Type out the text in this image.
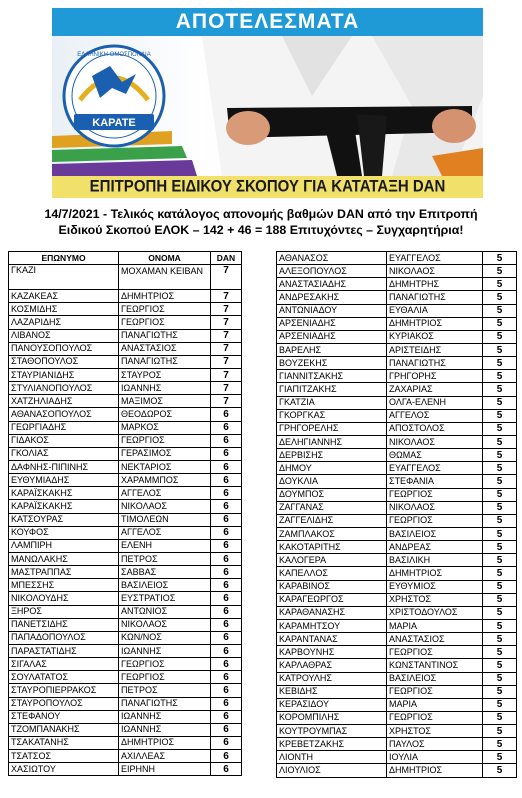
ΑΠΟΤΕΛΕΣΜΑΤΑ
ΚΑΡΑΤΕ
ΕΛΛΗΝΙΚΗ ΟΜΟΣΠΟΝΔΙΑ
ΕΠΙΤΡΟΠΗ ΕΙΔΙΚΟΥ ΣΚΟΠΟΥ ΓΙΑ ΚΑΤΑΤΑΞΗ DAN
14/7/2021 - Τελικός κατάλογος απονομής βαθμών DAN από την Επιτροπή
Ειδικού Σκοπού ΕΛΟΚ – 142 + 46 = 188 Επιτυχόντες – Συγχαρητήρια!
ΕΠΩΝΥΜΟ	ΟΝΟΜΑ	DAN
ΓΚΑΖΙ	ΜΟΧΑΜΑΝ ΚΕΙΒΑΝ	7
ΚΑΖΑΚΕΑΣ	ΔΗΜΗΤΡΙΟΣ	7
ΚΟΣΜΙΔΗΣ	ΓΕΩΡΓΙΟΣ	7
ΛΑΖΑΡΙΔΗΣ	ΓΕΩΡΓΙΟΣ	7
ΛΙΒΑΝΟΣ	ΠΑΝΑΓΙΩΤΗΣ	7
ΠΑΝΟΥΣΟΠΟΥΛΟΣ	ΑΝΑΣΤΑΣΙΟΣ	7
ΣΤΑΘΟΠΟΥΛΟΣ	ΠΑΝΑΓΙΩΤΗΣ	7
ΣΤΑΥΡΙΑΝΙΔΗΣ	ΣΤΑΥΡΟΣ	7
ΣΤΥΛΙΑΝΟΠΟΥΛΟΣ	ΙΩΑΝΝΗΣ	7
ΧΑΤΖΗΛΙΑΔΗΣ	ΜΑΞΙΜΟΣ	7
ΑΘΑΝΑΣΟΠΟΥΛΟΣ	ΘΕΟΔΩΡΟΣ	6
ΓΕΩΡΓΙΑΔΗΣ	ΜΑΡΚΟΣ	6
ΓΙΔΑΚΟΣ	ΓΕΩΡΓΙΟΣ	6
ΓΚΟΛΙΑΣ	ΓΕΡΑΣΙΜΟΣ	6
ΔΑΦΝΗΣ-ΠΙΠΙΝΗΣ	ΝΕΚΤΑΡΙΟΣ	6
ΕΥΘΥΜΙΑΔΗΣ	ΧΑΡΑΜΜΠΟΣ	6
ΚΑΡΑΪΣΚΑΚΗΣ	ΑΓΓΕΛΟΣ	6
ΚΑΡΑΪΣΚΑΚΗΣ	ΝΙΚΟΛΑΟΣ	6
ΚΑΤΣΟΥΡΑΣ	ΤΙΜΟΛΕΩΝ	6
ΚΟΥΦΟΣ	ΑΓΓΕΛΟΣ	6
ΛΑΜΠΙΡΗ	ΕΛΕΝΗ	6
ΜΑΝΩΛΑΚΗΣ	ΠΕΤΡΟΣ	6
ΜΑΣΤΡΑΠΠΑΣ	ΣΑΒΒΑΣ	6
ΜΠΕΣΣΗΣ	ΒΑΣΙΛΕΙΟΣ	6
ΝΙΚΟΛΟΥΔΗΣ	ΕΥΣΤΡΑΤΙΟΣ	6
ΞΗΡΟΣ	ΑΝΤΩΝΙΟΣ	6
ΠΑΝΕΤΣΙΔΗΣ	ΝΙΚΟΛΑΟΣ	6
ΠΑΠΑΔΟΠΟΥΛΟΣ	ΚΩΝ/ΝΟΣ	6
ΠΑΡΑΣΤΑΤΙΔΗΣ	ΙΩΑΝΝΗΣ	6
ΣΙΓΑΛΑΣ	ΓΕΩΡΓΙΟΣ	6
ΣΟΥΛΑΤΑΤΟΣ	ΓΕΩΡΓΙΟΣ	6
ΣΤΑΥΡΟΠΙΕΡΡΑΚΟΣ	ΠΕΤΡΟΣ	6
ΣΤΑΥΡΟΠΟΥΛΟΣ	ΠΑΝΑΓΙΩΤΗΣ	6
ΣΤΕΦΑΝΟΥ	ΙΩΑΝΝΗΣ	6
ΤΖΟΜΠΑΝΑΚΗΣ	ΙΩΑΝΝΗΣ	6
ΤΣΑΚΑΤΑΝΗΣ	ΔΗΜΗΤΡΙΟΣ	6
ΤΣΑΤΣΟΣ	ΑΧΙΛΛΕΑΣ	6
ΧΑΣΙΩΤΟΥ	ΕΙΡΗΝΗ	6
ΑΘΑΝΑΣΟΣ	ΕΥΑΓΓΕΛΟΣ	5
ΑΛΕΞΟΠΟΥΛΟΣ	ΝΙΚΟΛΑΟΣ	5
ΑΝΑΣΤΑΣΙΑΔΗΣ	ΔΗΜΗΤΡΗΣ	5
ΑΝΔΡΕΣΑΚΗΣ	ΠΑΝΑΓΙΩΤΗΣ	5
ΑΝΤΩΝΙΑΔΟΥ	ΕΥΘΑΛΙΑ	5
ΑΡΣΕΝΙΑΔΗΣ	ΔΗΜΗΤΡΙΟΣ	5
ΑΡΣΕΝΙΑΔΗΣ	ΚΥΡΙΑΚΟΣ	5
ΒΑΡΕΛΗΣ	ΑΡΙΣΤΕΙΔΗΣ	5
ΒΟΥΖΕΚΗΣ	ΠΑΝΑΓΙΩΤΗΣ	5
ΓΙΑΝΝΙΤΣΑΚΗΣ	ΓΡΗΓΟΡΗΣ	5
ΓΙΑΠΙΤΖΑΚΗΣ	ΖΑΧΑΡΙΑΣ	5
ΓΚΑΤΖΙΑ	ΟΛΓΑ-ΕΛΕΝΗ	5
ΓΚΟΡΓΚΑΣ	ΑΓΓΕΛΟΣ	5
ΓΡΗΓΟΡΕΛΗΣ	ΑΠΟΣΤΟΛΟΣ	5
ΔΕΛΗΓΙΑΝΝΗΣ	ΝΙΚΟΛΑΟΣ	5
ΔΕΡΒΙΣΗΣ	ΘΩΜΑΣ	5
ΔΗΜΟΥ	ΕΥΑΓΓΕΛΟΣ	5
ΔΟΥΚΛΙΑ	ΣΤΕΦΑΝΙΑ	5
ΔΟΥΜΠΟΣ	ΓΕΩΡΓΙΟΣ	5
ΖΑΓΓΑΝΑΣ	ΝΙΚΟΛΑΟΣ	5
ΖΑΓΓΕΛΙΔΗΣ	ΓΕΩΡΓΙΟΣ	5
ΖΑΜΠΛΑΚΟΣ	ΒΑΣΙΛΕΙΟΣ	5
ΚΑΚΟΤΑΡΙΤΗΣ	ΑΝΔΡΕΑΣ	5
ΚΑΛΟΓΕΡΑ	ΒΑΣΙΛΙΚΗ	5
ΚΑΠΕΛΛΟΣ	ΔΗΜΗΤΡΙΟΣ	5
ΚΑΡΑΒΙΝΟΣ	ΕΥΘΥΜΙΟΣ	5
ΚΑΡΑΓΕΩΡΓΟΣ	ΧΡΗΣΤΟΣ	5
ΚΑΡΑΘΑΝΑΣΗΣ	ΧΡΙΣΤΟΔΟΥΛΟΣ	5
ΚΑΡΑΜΗΤΣΟΥ	ΜΑΡΙΑ	5
ΚΑΡΑΝΤΑΝΑΣ	ΑΝΑΣΤΑΣΙΟΣ	5
ΚΑΡΒΟΥΝΗΣ	ΓΕΩΡΓΙΟΣ	5
ΚΑΡΛΑΘΡΑΣ	ΚΩΝΣΤΑΝΤΙΝΟΣ	5
ΚΑΤΡΟΥΛΗΣ	ΒΑΣΙΛΕΙΟΣ	5
ΚΕΒΙΔΗΣ	ΓΕΩΡΓΙΟΣ	5
ΚΕΡΑΣΙΔΟΥ	ΜΑΡΙΑ	5
ΚΟΡΟΜΠΙΛΗΣ	ΓΕΩΡΓΙΟΣ	5
ΚΟΥΤΡΟΥΜΠΑΣ	ΧΡΗΣΤΟΣ	5
ΚΡΕΒΕΤΖΑΚΗΣ	ΠΑΥΛΟΣ	5
ΛΙΟΝΤΗ	ΙΟΥΛΙΑ	5
ΛΙΟΥΛΙΟΣ	ΔΗΜΗΤΡΙΟΣ	5
